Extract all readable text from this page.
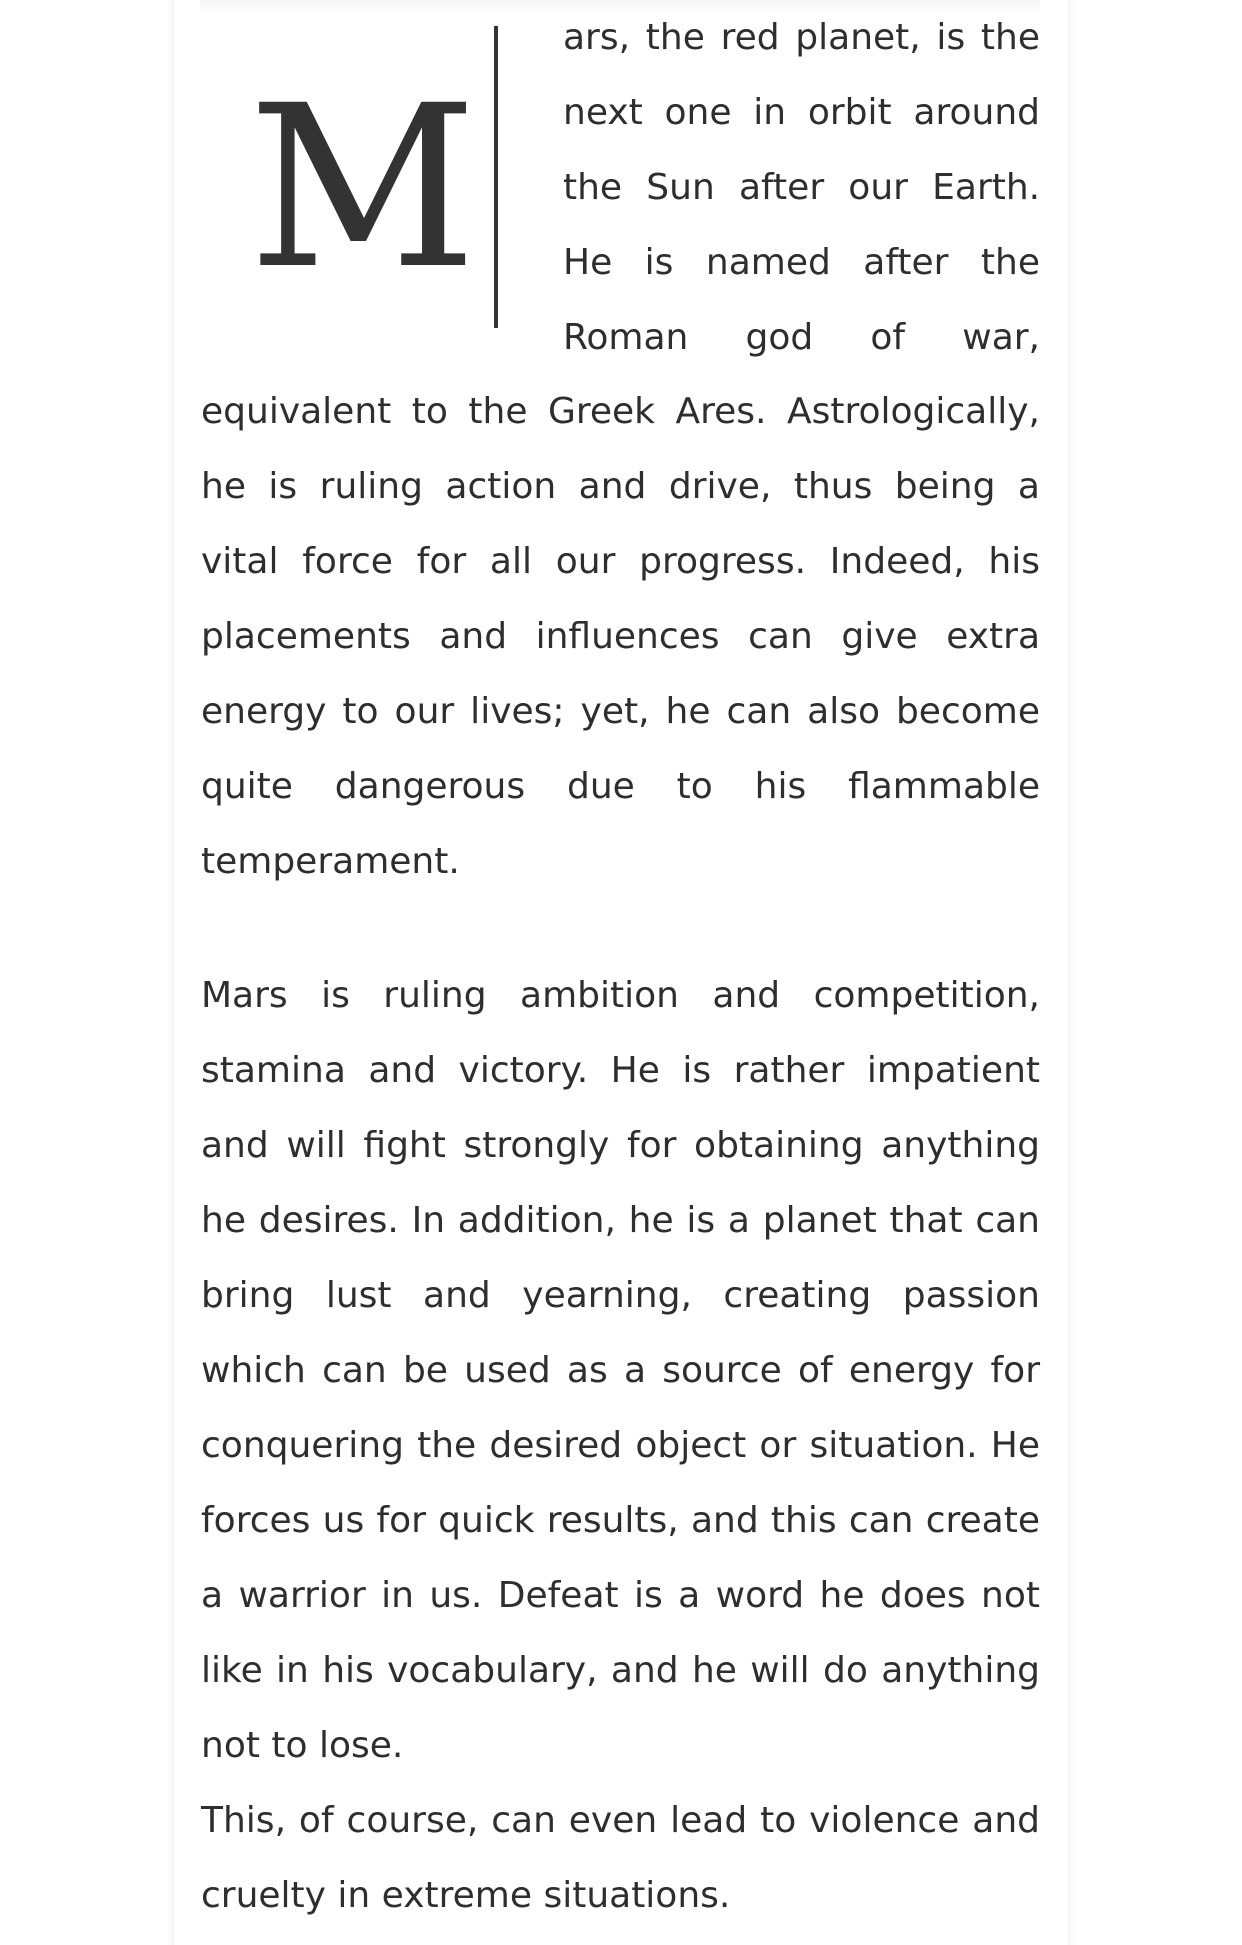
M
ars, the red planet, is the
next one in orbit around
the Sun after our Earth.
He is named after the
Roman god of war,

equivalent to the Greek Ares. Astrologically, he is ruling action and drive, thus being a vital force for all our progress. Indeed, his placements and influences can give extra energy to our lives; yet, he can also become quite dangerous due to his flammable temperament.

Mars is ruling ambition and competition, stamina and victory. He is rather impatient and will fight strongly for obtaining anything he desires. In addition, he is a planet that can bring lust and yearning, creating passion which can be used as a source of energy for conquering the desired object or situation. He forces us for quick results, and this can create a warrior in us. Defeat is a word he does not like in his vocabulary, and he will do anything not to lose.

This, of course, can even lead to violence and cruelty in extreme situations.
